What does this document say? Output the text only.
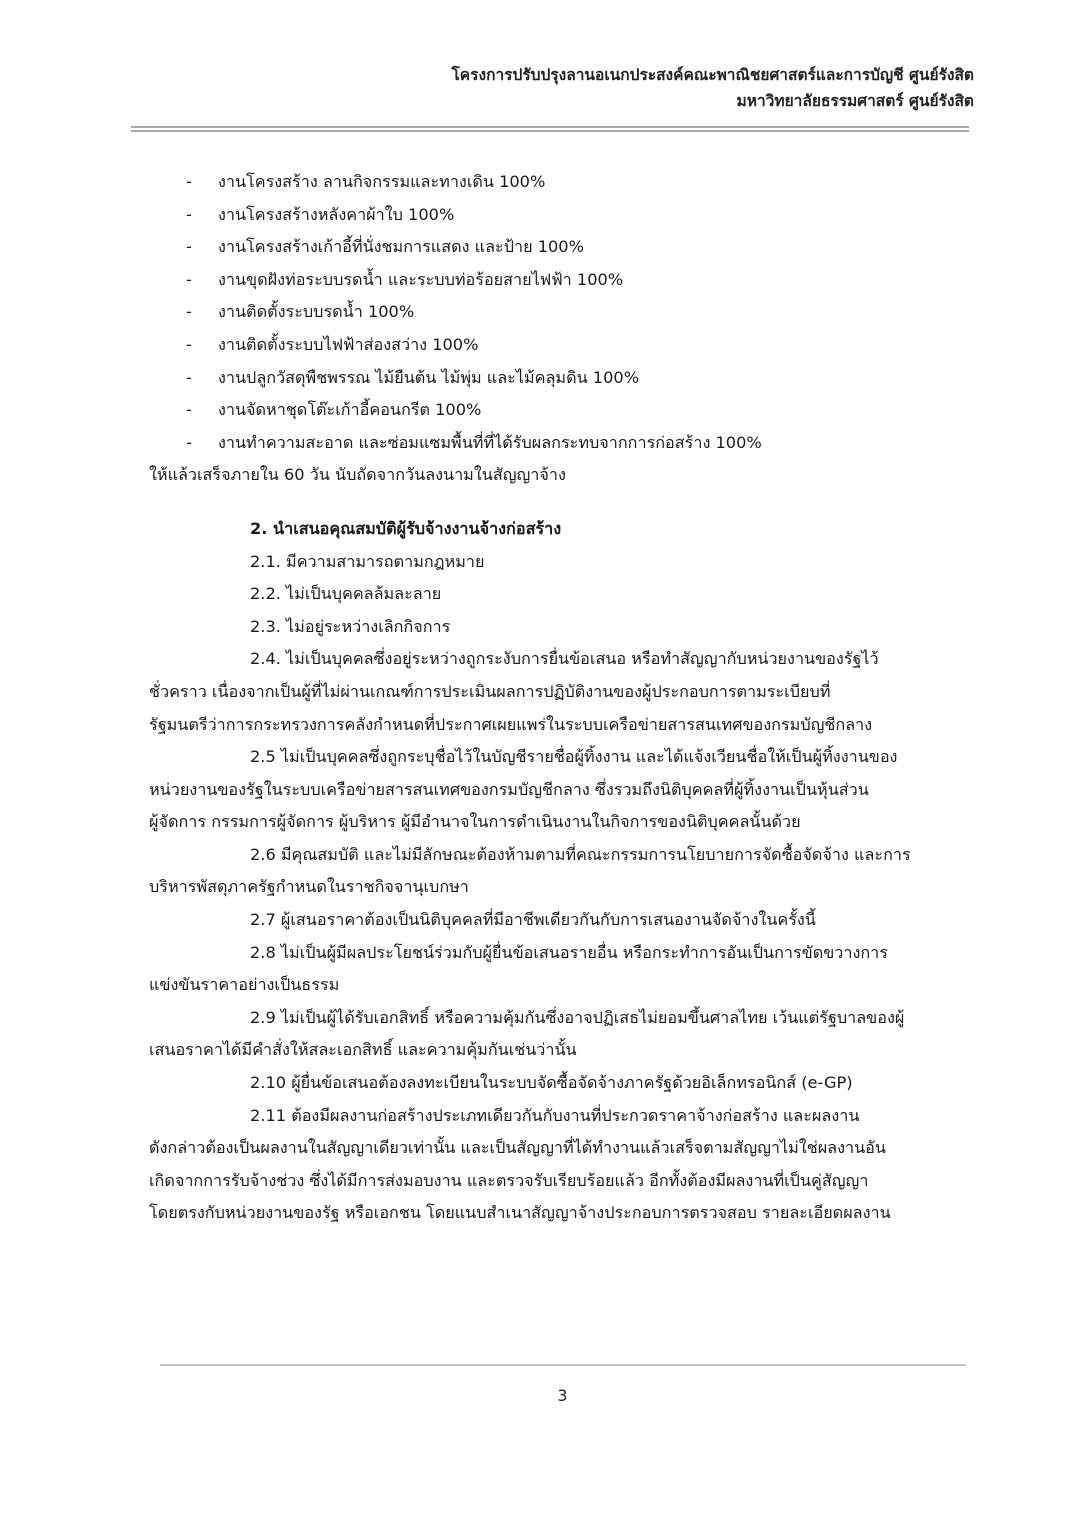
โครงการปรับปรุงลานอเนกประสงค์คณะพาณิชยศาสตร์และการบัญชี ศูนย์รังสิต
มหาวิทยาลัยธรรมศาสตร์ ศูนย์รังสิต
- งานโครงสร้าง ลานกิจกรรมและทางเดิน 100%
- งานโครงสร้างหลังคาผ้าใบ 100%
- งานโครงสร้างเก้าอี้ที่นั่งชมการแสดง และป้าย 100%
- งานขุดฝังท่อระบบรดน้ำ และระบบท่อร้อยสายไฟฟ้า 100%
- งานติดตั้งระบบรดน้ำ 100%
- งานติดตั้งระบบไฟฟ้าส่องสว่าง 100%
- งานปลูกวัสดุพืชพรรณ ไม้ยืนต้น ไม้พุ่ม และไม้คลุมดิน 100%
- งานจัดหาชุดโต๊ะเก้าอี้คอนกรีต 100%
- งานทำความสะอาด และซ่อมแซมพื้นที่ที่ได้รับผลกระทบจากการก่อสร้าง 100%
ให้แล้วเสร็จภายใน 60 วัน นับถัดจากวันลงนามในสัญญาจ้าง
2. นำเสนอคุณสมบัติผู้รับจ้างงานจ้างก่อสร้าง
2.1. มีความสามารถตามกฎหมาย
2.2. ไม่เป็นบุคคลล้มละลาย
2.3. ไม่อยู่ระหว่างเลิกกิจการ
2.4. ไม่เป็นบุคคลซึ่งอยู่ระหว่างถูกระงับการยื่นข้อเสนอ หรือทำสัญญากับหน่วยงานของรัฐไว้
ชั่วคราว เนื่องจากเป็นผู้ที่ไม่ผ่านเกณฑ์การประเมินผลการปฏิบัติงานของผู้ประกอบการตามระเบียบที่
รัฐมนตรีว่าการกระทรวงการคลังกำหนดที่ประกาศเผยแพร่ในระบบเครือข่ายสารสนเทศของกรมบัญชีกลาง
2.5 ไม่เป็นบุคคลซึ่งถูกระบุชื่อไว้ในบัญชีรายชื่อผู้ทิ้งงาน และได้แจ้งเวียนชื่อให้เป็นผู้ทิ้งงานของ
หน่วยงานของรัฐในระบบเครือข่ายสารสนเทศของกรมบัญชีกลาง ซึ่งรวมถึงนิติบุคคลที่ผู้ทิ้งงานเป็นหุ้นส่วน
ผู้จัดการ กรรมการผู้จัดการ ผู้บริหาร ผู้มีอำนาจในการดำเนินงานในกิจการของนิติบุคคลนั้นด้วย
2.6 มีคุณสมบัติ และไม่มีลักษณะต้องห้ามตามที่คณะกรรมการนโยบายการจัดซื้อจัดจ้าง และการ
บริหารพัสดุภาครัฐกำหนดในราชกิจจานุเบกษา
2.7 ผู้เสนอราคาต้องเป็นนิติบุคคลที่มีอาชีพเดียวกันกับการเสนองานจัดจ้างในครั้งนี้
2.8 ไม่เป็นผู้มีผลประโยชน์ร่วมกับผู้ยื่นข้อเสนอรายอื่น หรือกระทำการอันเป็นการขัดขวางการ
แข่งขันราคาอย่างเป็นธรรม
2.9 ไม่เป็นผู้ได้รับเอกสิทธิ์ หรือความคุ้มกันซึ่งอาจปฏิเสธไม่ยอมขึ้นศาลไทย เว้นแต่รัฐบาลของผู้
เสนอราคาได้มีคำสั่งให้สละเอกสิทธิ์ และความคุ้มกันเช่นว่านั้น
2.10 ผู้ยื่นข้อเสนอต้องลงทะเบียนในระบบจัดซื้อจัดจ้างภาครัฐด้วยอิเล็กทรอนิกส์ (e-GP)
2.11 ต้องมีผลงานก่อสร้างประเภทเดียวกันกับงานที่ประกวดราคาจ้างก่อสร้าง และผลงาน
ดังกล่าวต้องเป็นผลงานในสัญญาเดียวเท่านั้น และเป็นสัญญาที่ได้ทำงานแล้วเสร็จตามสัญญาไม่ใช่ผลงานอัน
เกิดจากการรับจ้างช่วง ซึ่งได้มีการส่งมอบงาน และตรวจรับเรียบร้อยแล้ว อีกทั้งต้องมีผลงานที่เป็นคู่สัญญา
โดยตรงกับหน่วยงานของรัฐ หรือเอกชน โดยแนบสำเนาสัญญาจ้างประกอบการตรวจสอบ รายละเอียดผลงาน
3
